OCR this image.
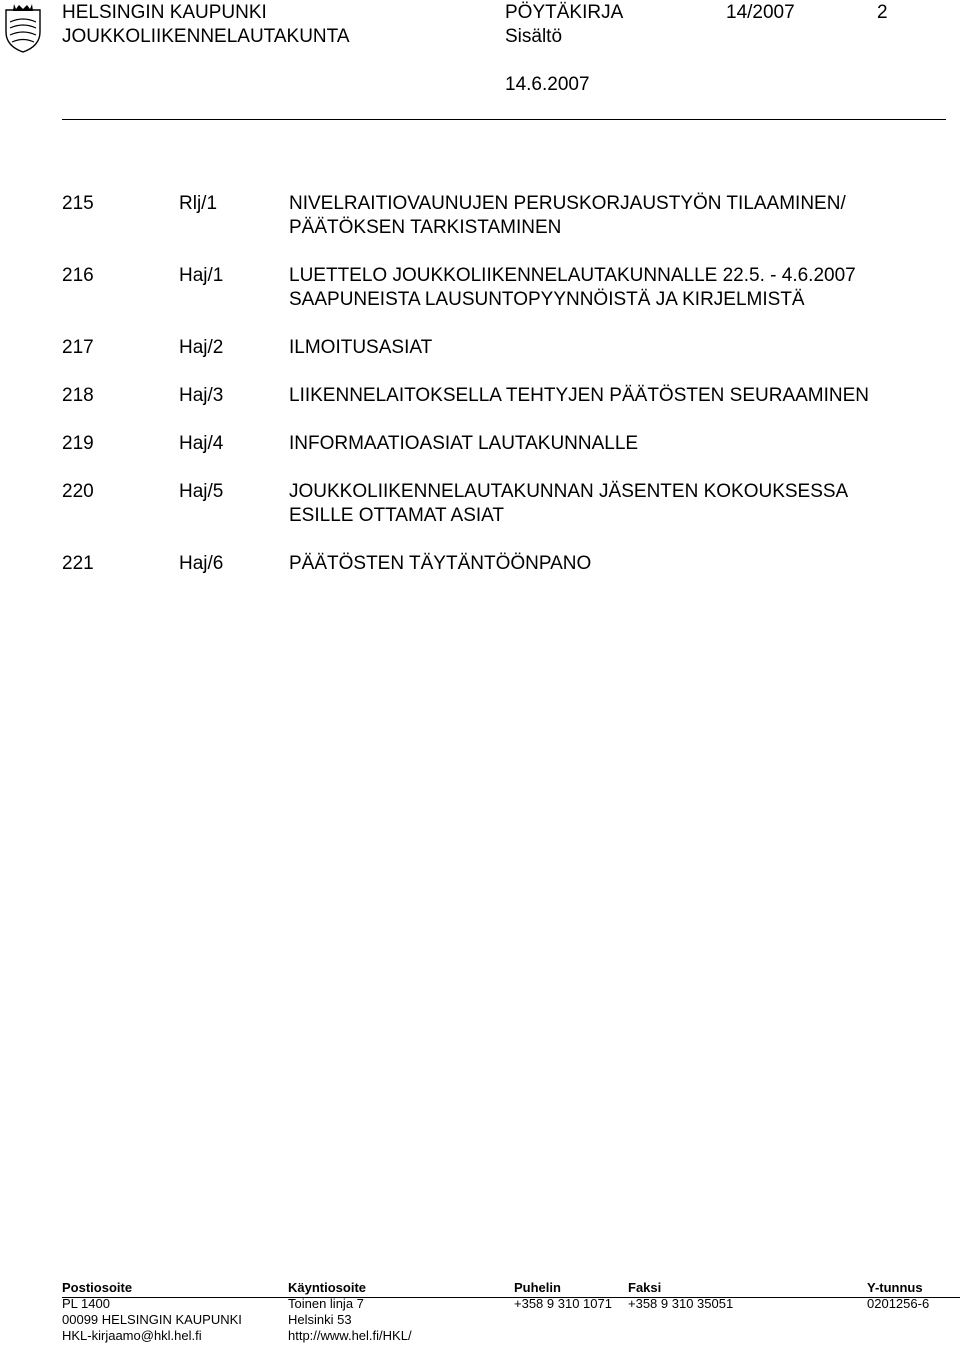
HELSINGIN KAUPUNKI
JOUKKOLIIKENNELAUTAKUNTA
PÖYTÄKIRJA	14/2007	2
Sisältö
14.6.2007
215	Rlj/1	NIVELRAITIOVAUNUJEN PERUSKORJAUSTYÖN TILAAMINEN/
PÄÄTÖKSEN TARKISTAMINEN
216	Haj/1	LUETTELO JOUKKOLIIKENNELAUTAKUNNALLE 22.5. - 4.6.2007
SAAPUNEISTA LAUSUNTOPYYNNÖISTÄ JA KIRJELMISTÄ
217	Haj/2	ILMOITUSASIAT
218	Haj/3	LIIKENNELAITOKSELLA TEHTYJEN PÄÄTÖSTEN SEURAAMINEN
219	Haj/4	INFORMAATIOASIAT LAUTAKUNNALLE
220	Haj/5	JOUKKOLIIKENNELAUTAKUNNAN JÄSENTEN KOKOUKSESSA
ESILLE OTTAMAT ASIAT
221	Haj/6	PÄÄTÖSTEN TÄYTÄNTÖÖNPANO
Postiosoite
PL 1400
00099 HELSINGIN KAUPUNKI
HKL-kirjaamo@hkl.hel.fi
Käyntiosoite
Toinen linja 7
Helsinki 53
http://www.hel.fi/HKL/
Puhelin
+358 9 310 1071
Faksi
+358 9 310 35051
Y-tunnus
0201256-6
